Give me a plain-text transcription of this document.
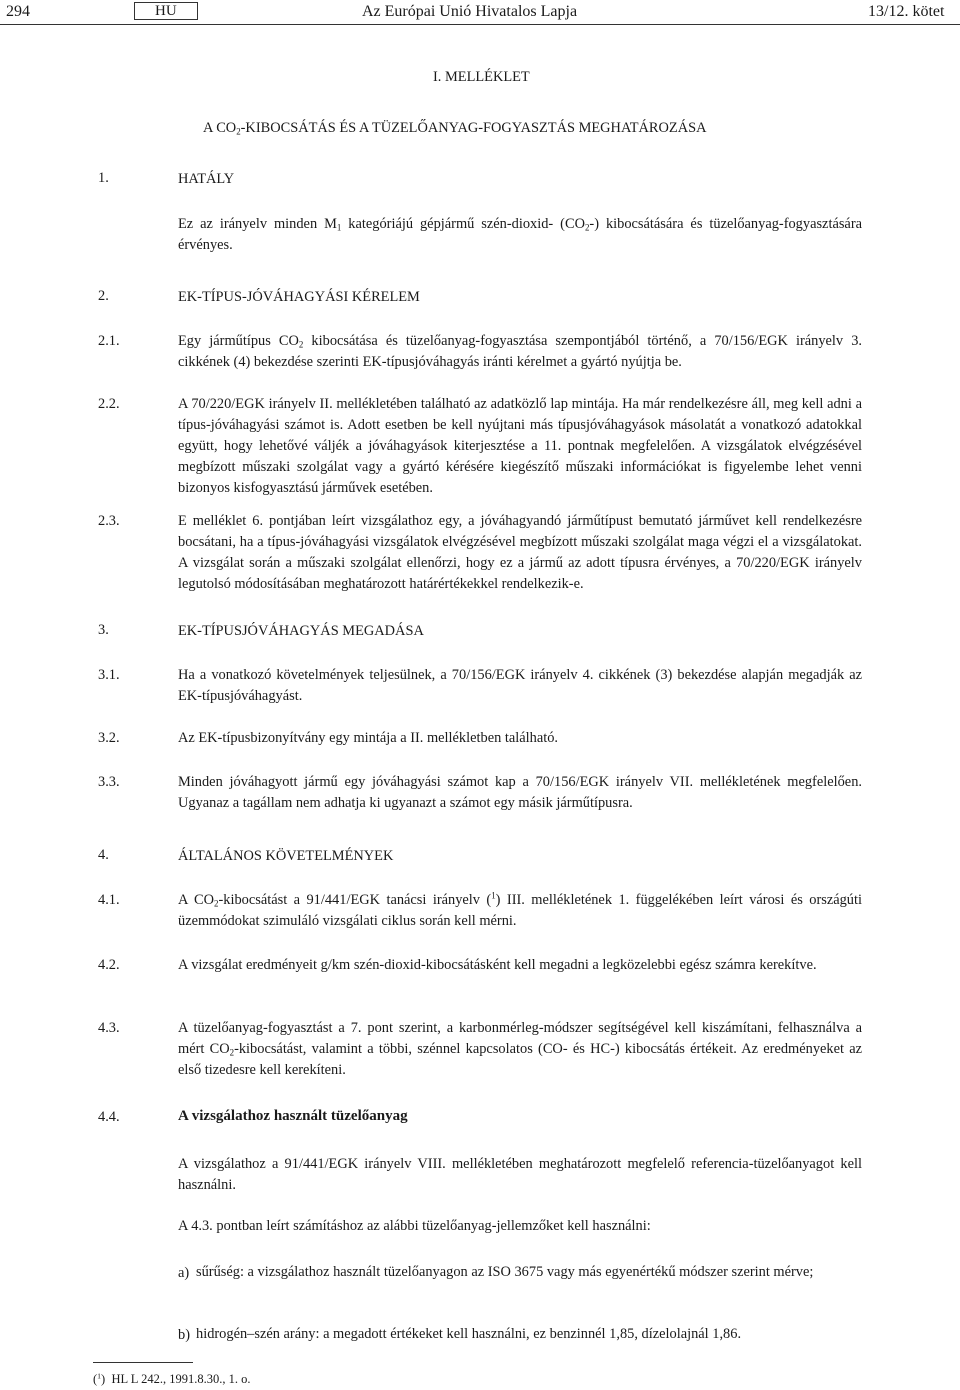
294	HU	Az Európai Unió Hivatalos Lapja	13/12. kötet
I. MELLÉKLET
A $CO_2$-KIBOCSÁTÁS ÉS A TÜZELŐANYAG-FOGYASZTÁS MEGHATÁROZÁSA
1.	HATÁLY
Ez az irányelv minden $M_1$ kategóriájú gépjármű szén-dioxid- $(CO_2-)$ kibocsátására és tüzelőanyag-fogyasztására érvényes.
2.	EK-TÍPUS-JÓVÁHAGYÁSI KÉRELEM
2.1.	Egy járműtípus $CO_2$ kibocsátása és tüzelőanyag-fogyasztása szempontjából történő, a 70/156/EGK irányelv 3. cikkének (4) bekezdése szerinti EK-típusjóváhagyás iránti kérelmet a gyártó nyújtja be.
2.2.	A 70/220/EGK irányelv II. mellékletében található az adatközlő lap mintája. Ha már rendelkezésre áll, meg kell adni a típus-jóváhagyási számot is. Adott esetben be kell nyújtani más típusjóváhagyások másolatát a vonatkozó adatokkal együtt, hogy lehetővé váljék a jóváhagyások kiterjesztése a 11. pontnak megfelelően. A vizsgálatok elvégzésével megbízott műszaki szolgálat vagy a gyártó kérésére kiegészítő műszaki információkat is figyelembe lehet venni bizonyos kisfogyasztású járművek esetében.
2.3.	E melléklet 6. pontjában leírt vizsgálathoz egy, a jóváhagyandó járműtípust bemutató járművet kell rendelkezésre bocsátani, ha a típus-jóváhagyási vizsgálatok elvégzésével megbízott műszaki szolgálat maga végzi el a vizsgálatokat. A vizsgálat során a műszaki szolgálat ellenőrzi, hogy ez a jármű az adott típusra érvényes, a 70/220/EGK irányelv legutolsó módosításában meghatározott határértékekkel rendelkezik-e.
3.	EK-TÍPUSJÓVÁHAGYÁS MEGADÁSA
3.1.	Ha a vonatkozó követelmények teljesülnek, a 70/156/EGK irányelv 4. cikkének (3) bekezdése alapján megadják az EK-típusjóváhagyást.
3.2.	Az EK-típusbizonyítvány egy mintája a II. mellékletben található.
3.3.	Minden jóváhagyott jármű egy jóváhagyási számot kap a 70/156/EGK irányelv VII. mellékletének megfelelően. Ugyanaz a tagállam nem adhatja ki ugyanazt a számot egy másik járműtípusra.
4.	ÁLTALÁNOS KÖVETELMÉNYEK
4.1.	A $CO_2$-kibocsátást a 91/441/EGK tanácsi irányelv ($^1$) III. mellékletének 1. függelékében leírt városi és országúti üzemmódokat szimuláló vizsgálati ciklus során kell mérni.
4.2.	A vizsgálat eredményeit g/km szén-dioxid-kibocsátásként kell megadni a legközelebbi egész számra kerekítve.
4.3.	A tüzelőanyag-fogyasztást a 7. pont szerint, a karbonmérleg-módszer segítségével kell kiszámítani, felhasználva a mért $CO_2$-kibocsátást, valamint a többi, szénnel kapcsolatos (CO- és HC-) kibocsátás értékeit. Az eredményeket az első tizedesre kell kerekíteni.
4.4.	A vizsgálathoz használt tüzelőanyag
A vizsgálathoz a 91/441/EGK irányelv VIII. mellékletében meghatározott megfelelő referencia-tüzelőanyagot kell használni.
A 4.3. pontban leírt számításhoz az alábbi tüzelőanyag-jellemzőket kell használni:
a) sűrűség: a vizsgálathoz használt tüzelőanyagon az ISO 3675 vagy más egyenértékű módszer szerint mérve;
b) hidrogén–szén arány: a megadott értékeket kell használni, ez benzinnél 1,85, dízelolajnál 1,86.
($^1$)  HL L 242., 1991.8.30., 1. o.
